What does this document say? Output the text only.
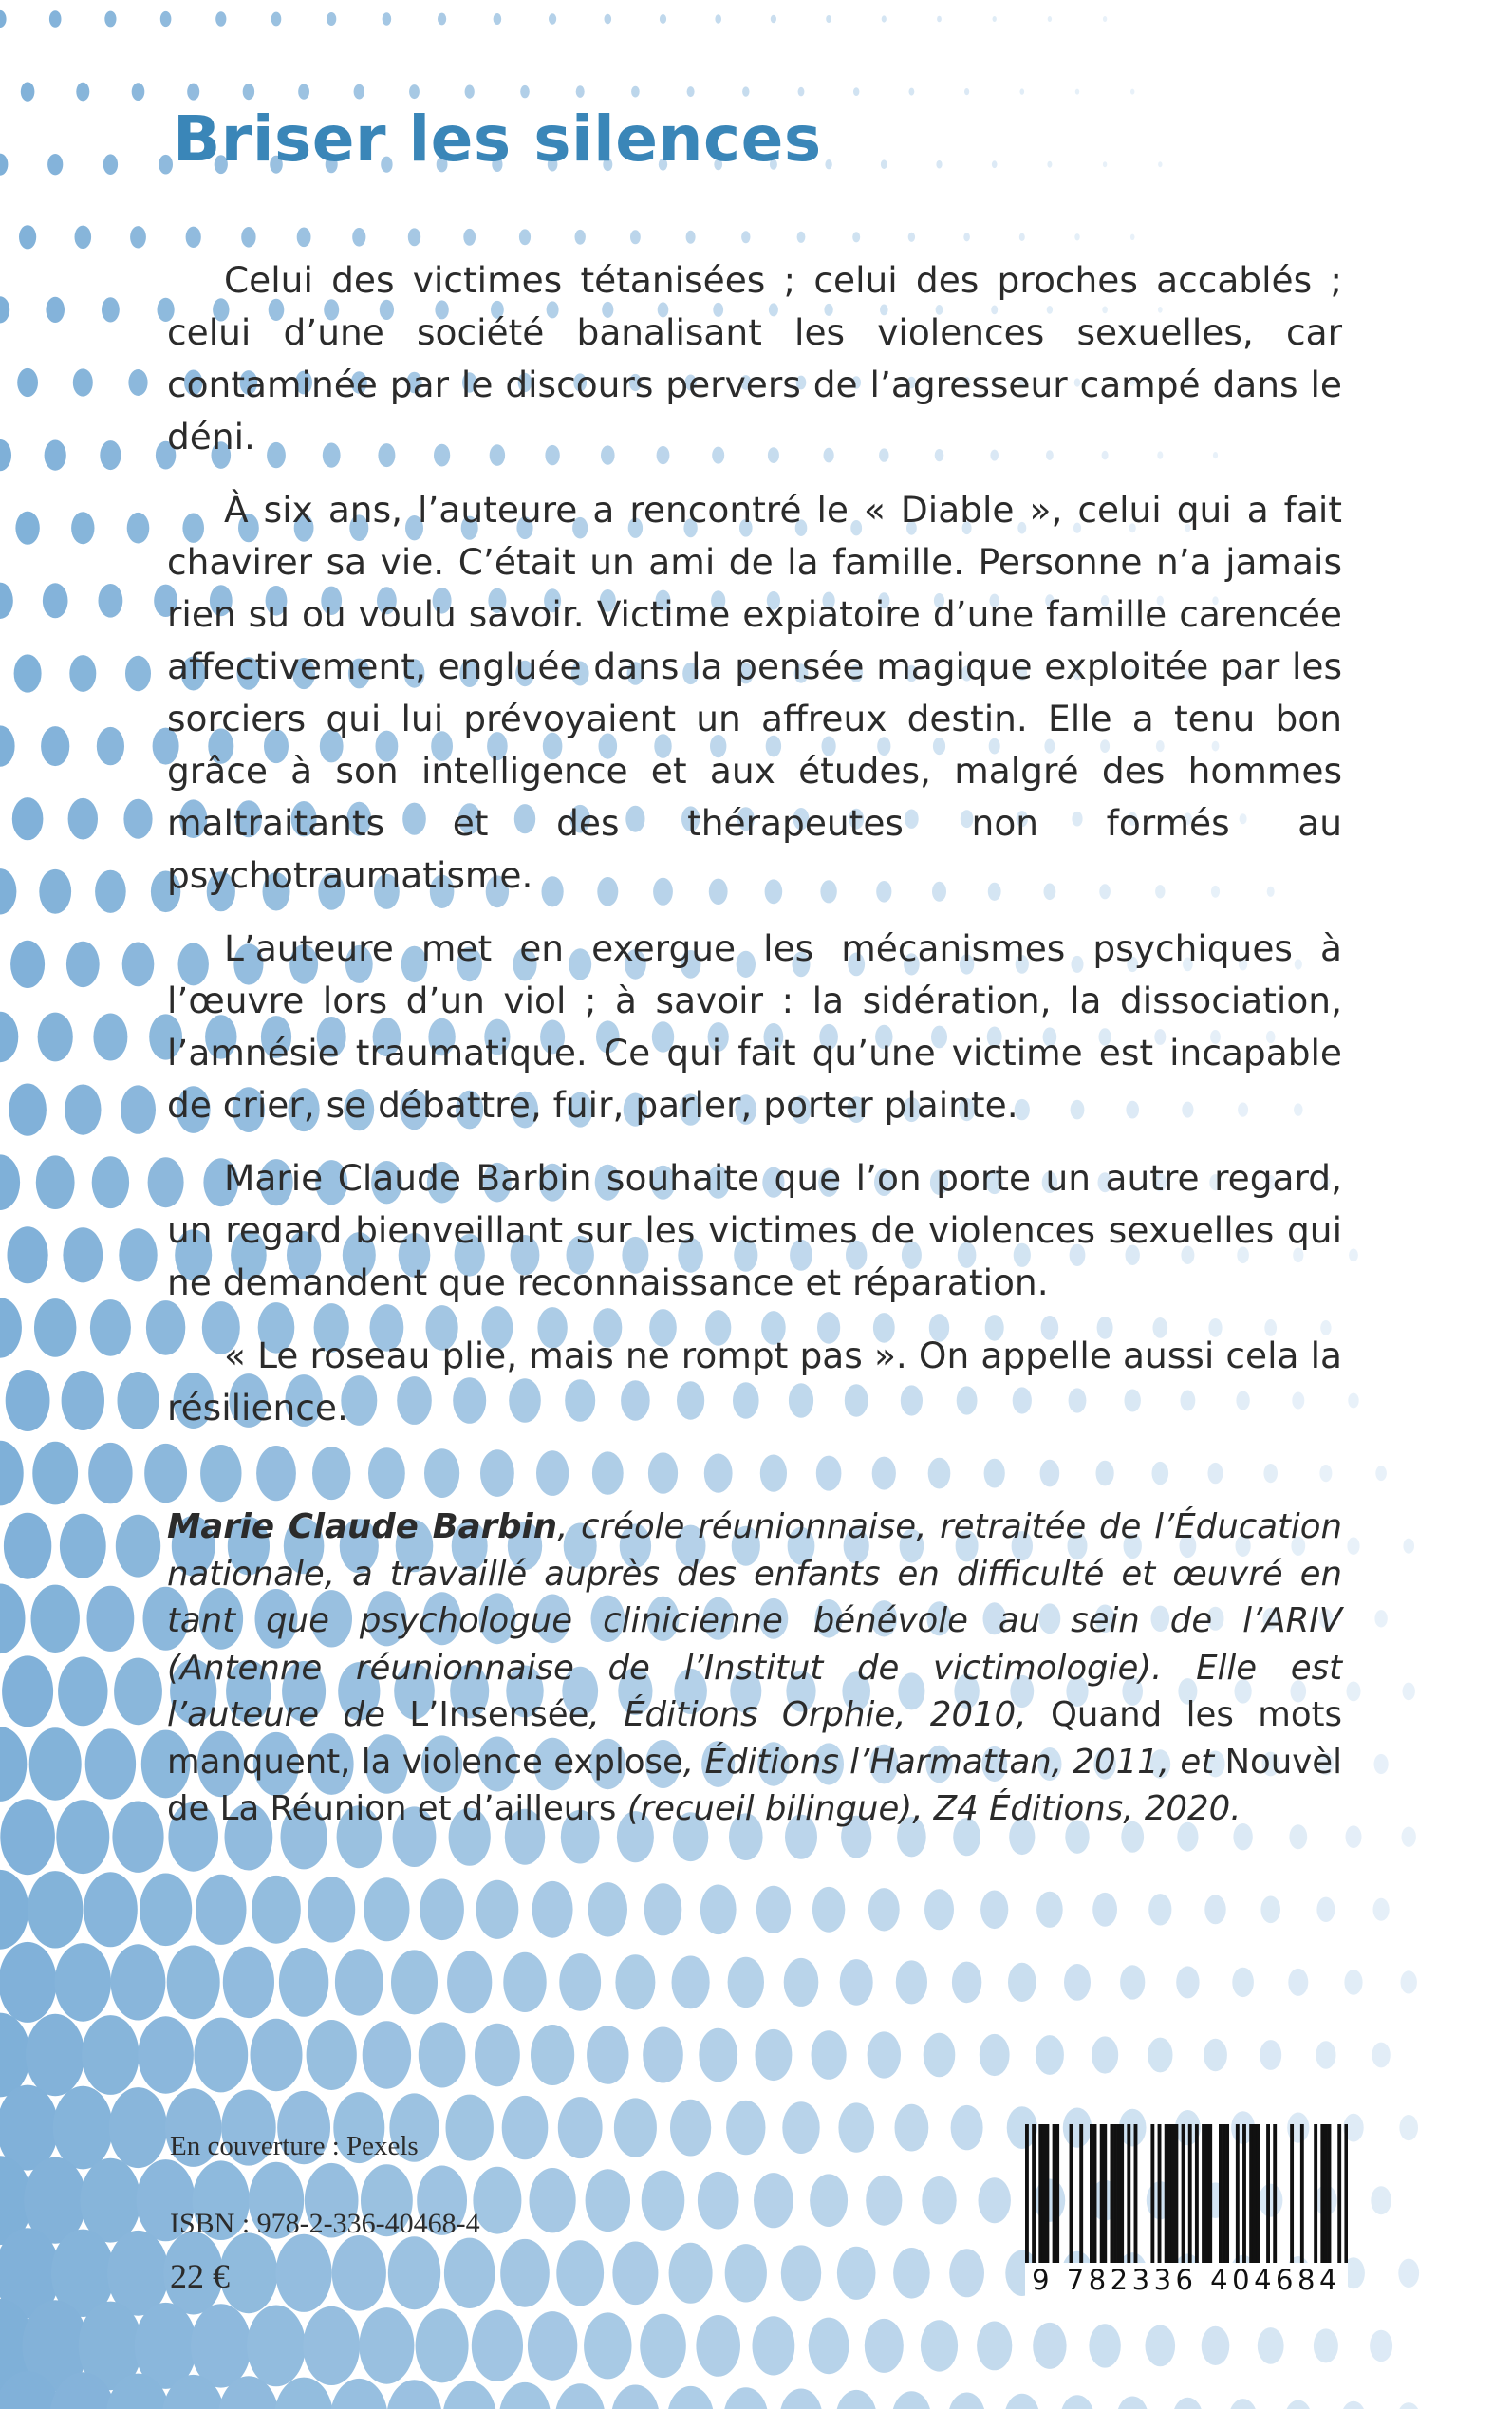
Briser les silences

Celui des victimes tétanisées ; celui des proches accablés ; celui d’une société banalisant les violences sexuelles, car contaminée par le discours pervers de l’agresseur campé dans le déni.

À six ans, l’auteure a rencontré le « Diable », celui qui a fait chavirer sa vie. C’était un ami de la famille. Personne n’a jamais rien su ou voulu savoir. Victime expiatoire d’une famille carencée affectivement, engluée dans la pensée magique exploitée par les sorciers qui lui prévoyaient un affreux destin. Elle a tenu bon grâce à son intelligence et aux études, malgré des hommes maltraitants et des thérapeutes non formés au psychotraumatisme.

L’auteure met en exergue les mécanismes psychiques à l’œuvre lors d’un viol ; à savoir : la sidération, la dissociation, l’amnésie traumatique. Ce qui fait qu’une victime est incapable de crier, se débattre, fuir, parler, porter plainte.

Marie Claude Barbin souhaite que l’on porte un autre regard, un regard bienveillant sur les victimes de violences sexuelles qui ne demandent que reconnaissance et réparation.

« Le roseau plie, mais ne rompt pas ». On appelle aussi cela la résilience.

Marie Claude Barbin, créole réunionnaise, retraitée de l’Éducation nationale, a travaillé auprès des enfants en difficulté et œuvré en tant que psychologue clinicienne bénévole au sein de l’ARIV (Antenne réunionnaise de l’Institut de victimologie). Elle est l’auteure de L’Insensée, Éditions Orphie, 2010, Quand les mots manquent, la violence explose, Éditions l’Harmattan, 2011, et Nouvèl de La Réunion et d’ailleurs (recueil bilingue), Z4 Éditions, 2020.

En couverture : Pexels

ISBN : 978-2-336-40468-4

22 €	9 782336 404684
